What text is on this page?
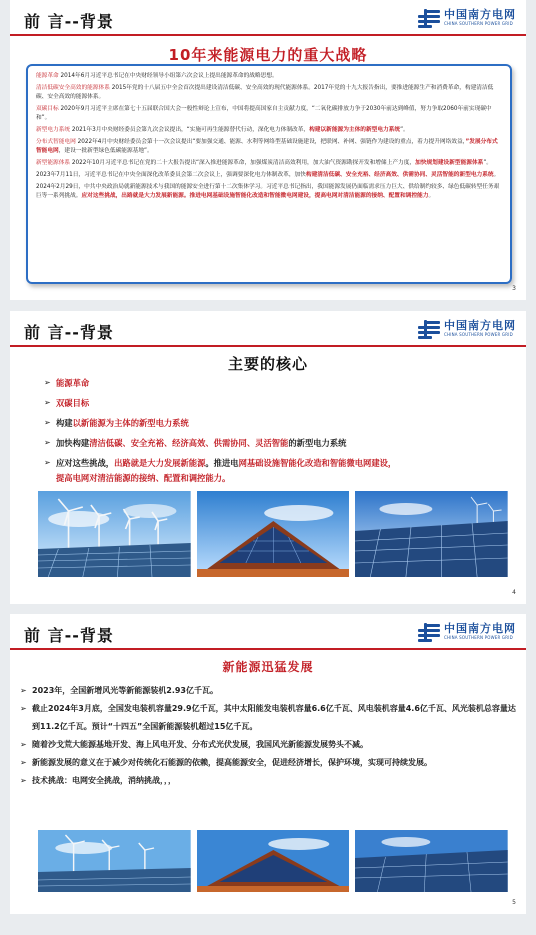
前 言--背景	中国南方电网
CHINA SOUTHERN POWER GRID
10年来能源电力的重大战略

能源革命 2014年6月习近平总书记在中央财经领导小组第六次会议上提出能源革命的战略思想。

清洁低碳安全高效的能源体系 2015年党的十八届五中全会首次提出建设清洁低碳、安全高效的现代能源体系。2017年党的十九大报告指出，要推进能源生产和消费革命，构建清洁低碳、安全高效的能源体系。

双碳目标 2020年9月习近平主席在第七十五届联合国大会一般性辩论上宣布，中国将提高国家自主贡献力度，“二氧化碳排放力争于2030年前达到峰值，努力争取2060年前实现碳中和”。

新型电力系统 2021年3月中央财经委员会第九次会议提出，“实施可再生能源替代行动，深化电力体制改革，构建以新能源为主体的新型电力系统”。

分布式智能电网 2022年4月中央财经委员会第十一次会议提出“要加强交通、能源、水利等网络型基础设施建设，把联网、补网、强链作为建设的重点，着力提升网络效益，”发展分布式智能电网，建设一批新型绿色低碳能源基地”。

新型能源体系 2022年10月习近平总书记在党的二十大报告提出“深入推进能源革命，加强煤炭清洁高效利用，加大油气资源勘探开发和增储上产力度，加快规划建设新型能源体系”。

2023年7月11日，习近平总书记在中央全面深化改革委员会第二次会议上，强调要深化电力体制改革，加快构建清洁低碳、安全充裕、经济高效、供需协同、灵活智能的新型电力系统。

2024年2月29日，中共中央政治局就新能源技术与我国的能源安全进行第十二次集体学习。习近平总书记指出，我国能源发展仍面临需求压力巨大、供给制约较多、绿色低碳转型任务艰巨等一系列挑战。应对这些挑战，出路就是大力发展新能源。推进电网基础设施智能化改造和智能微电网建设，提高电网对清洁能源的接纳、配置和调控能力。

3
前 言--背景	中国南方电网
CHINA SOUTHERN POWER GRID
主要的核心
➢ 能源革命
➢ 双碳目标
➢ 构建以新能源为主体的新型电力系统
➢ 加快构建清洁低碳、安全充裕、经济高效、供需协同、灵活智能的新型电力系统
➢ 应对这些挑战，出路就是大力发展新能源。推进电网基础设施智能化改造和智能微电网建设，
提高电网对清洁能源的接纳、配置和调控能力。
4
前 言--背景	中国南方电网
CHINA SOUTHERN POWER GRID
新能源迅猛发展
➢ 2023年，全国新增风光等新能源装机2.93亿千瓦。
➢ 截止2024年3月底，全国发电装机容量29.9亿千瓦，其中太阳能发电装机容量6.6亿千瓦、风电装机容量4.6亿千瓦、风光装机总容量达到11.2亿千瓦。预计“十四五”全国新能源装机超过15亿千瓦。
➢ 随着沙戈荒大能源基地开发、海上风电开发、分布式光伏发展，我国风光新能源发展势头不减。
➢ 新能源发展的意义在于减少对传统化石能源的依赖，提高能源安全，促进经济增长，保护环境，实现可持续发展。
➢ 技术挑战：电网安全挑战，消纳挑战，，，
5
